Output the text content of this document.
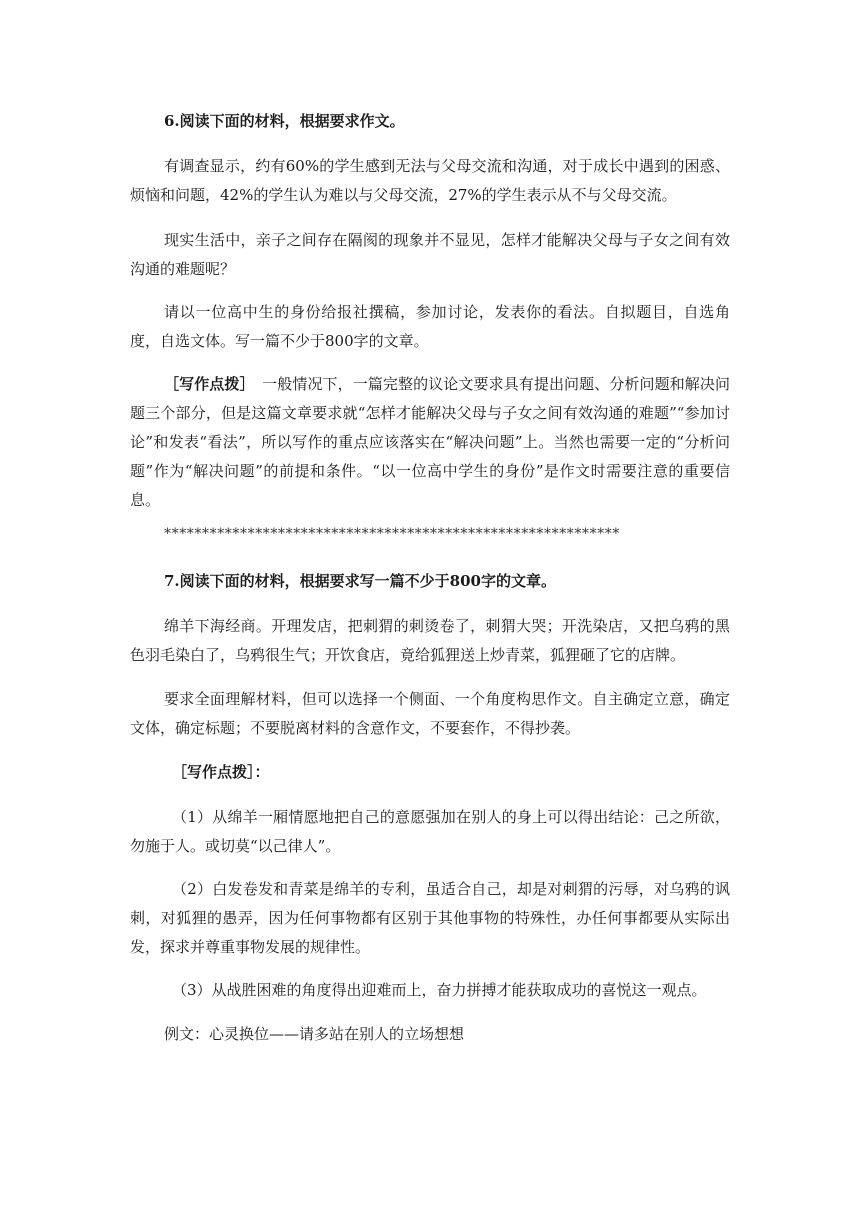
6.阅读下面的材料，根据要求作文。

有调查显示，约有60%的学生感到无法与父母交流和沟通，对于成长中遇到的困惑、烦恼和问题，42%的学生认为难以与父母交流，27%的学生表示从不与父母交流。

现实生活中，亲子之间存在隔阂的现象并不显见，怎样才能解决父母与子女之间有效沟通的难题呢？

请以一位高中生的身份给报社撰稿，参加讨论，发表你的看法。自拟题目，自选角度，自选文体。写一篇不少于800字的文章。

［写作点拨］　一般情况下，一篇完整的议论文要求具有提出问题、分析问题和解决问题三个部分，但是这篇文章要求就“怎样才能解决父母与子女之间有效沟通的难题”“参加讨论”和发表“看法”，所以写作的重点应该落实在“解决问题”上。当然也需要一定的“分析问题”作为“解决问题”的前提和条件。“以一位高中学生的身份”是作文时需要注意的重要信息。

************************************************************

7.阅读下面的材料，根据要求写一篇不少于800字的文章。

绵羊下海经商。开理发店，把刺猬的刺烫卷了，刺猬大哭；开洗染店，又把乌鸦的黑色羽毛染白了，乌鸦很生气；开饮食店，竟给狐狸送上炒青菜，狐狸砸了它的店牌。

要求全面理解材料，但可以选择一个侧面、一个角度构思作文。自主确定立意，确定文体，确定标题；不要脱离材料的含意作文，不要套作，不得抄袭。

［写作点拨］：

（1）从绵羊一厢情愿地把自己的意愿强加在别人的身上可以得出结论：己之所欲，勿施于人。或切莫“以己律人”。

（2）白发卷发和青菜是绵羊的专利，虽适合自己，却是对刺猬的污辱，对乌鸦的讽刺，对狐狸的愚弄，因为任何事物都有区别于其他事物的特殊性，办任何事都要从实际出发，探求并尊重事物发展的规律性。

（3）从战胜困难的角度得出迎难而上，奋力拼搏才能获取成功的喜悦这一观点。

例文：心灵换位——请多站在别人的立场想想
